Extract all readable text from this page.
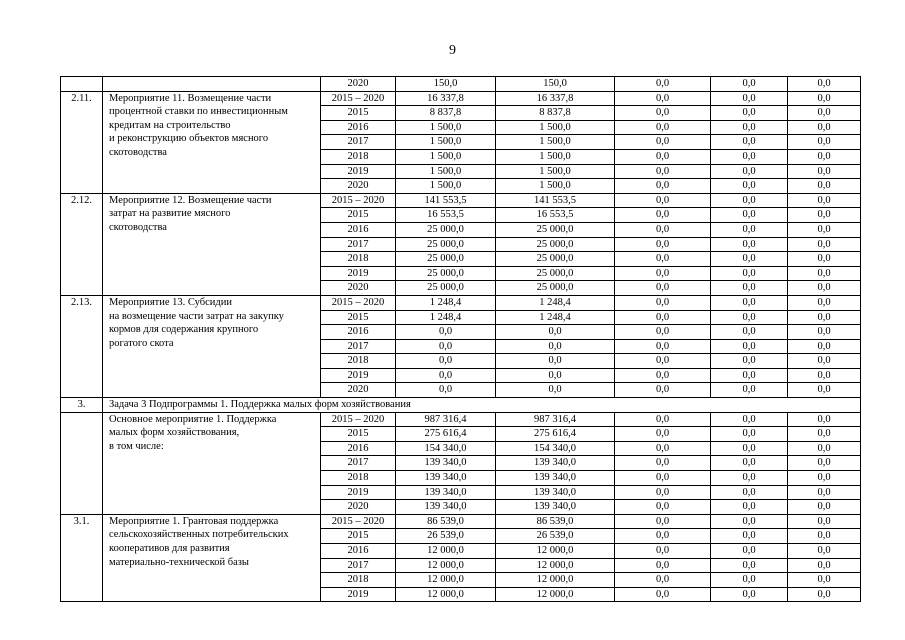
9
		2020	150,0	150,0	0,0	0,0	0,0
2.11.	Мероприятие 11. Возмещение части
процентной ставки по инвестиционным
кредитам на строительство
и реконструкцию объектов мясного
скотоводства	2015 – 2020	16 337,8	16 337,8	0,0	0,0	0,0
		2015	8 837,8	8 837,8	0,0	0,0	0,0
		2016	1 500,0	1 500,0	0,0	0,0	0,0
		2017	1 500,0	1 500,0	0,0	0,0	0,0
		2018	1 500,0	1 500,0	0,0	0,0	0,0
		2019	1 500,0	1 500,0	0,0	0,0	0,0
		2020	1 500,0	1 500,0	0,0	0,0	0,0
2.12.	Мероприятие 12. Возмещение части
затрат на развитие мясного
скотоводства	2015 – 2020	141 553,5	141 553,5	0,0	0,0	0,0
		2015	16 553,5	16 553,5	0,0	0,0	0,0
		2016	25 000,0	25 000,0	0,0	0,0	0,0
		2017	25 000,0	25 000,0	0,0	0,0	0,0
		2018	25 000,0	25 000,0	0,0	0,0	0,0
		2019	25 000,0	25 000,0	0,0	0,0	0,0
		2020	25 000,0	25 000,0	0,0	0,0	0,0
2.13.	Мероприятие 13. Субсидии
на возмещение части затрат на закупку
кормов для содержания крупного
рогатого скота	2015 – 2020	1 248,4	1 248,4	0,0	0,0	0,0
		2015	1 248,4	1 248,4	0,0	0,0	0,0
		2016	0,0	0,0	0,0	0,0	0,0
		2017	0,0	0,0	0,0	0,0	0,0
		2018	0,0	0,0	0,0	0,0	0,0
		2019	0,0	0,0	0,0	0,0	0,0
		2020	0,0	0,0	0,0	0,0	0,0
3.	Задача 3 Подпрограммы 1. Поддержка малых форм хозяйствования						

	Основное мероприятие 1. Поддержка
малых форм хозяйствования,
в том числе:	2015 – 2020	987 316,4	987 316,4	0,0	0,0	0,0
		2015	275 616,4	275 616,4	0,0	0,0	0,0
		2016	154 340,0	154 340,0	0,0	0,0	0,0
		2017	139 340,0	139 340,0	0,0	0,0	0,0
		2018	139 340,0	139 340,0	0,0	0,0	0,0
		2019	139 340,0	139 340,0	0,0	0,0	0,0
		2020	139 340,0	139 340,0	0,0	0,0	0,0
3.1.	Мероприятие 1. Грантовая поддержка
сельскохозяйственных потребительских
кооперативов для развития
материально-технической базы	2015 – 2020	86 539,0	86 539,0	0,0	0,0	0,0
		2015	26 539,0	26 539,0	0,0	0,0	0,0
		2016	12 000,0	12 000,0	0,0	0,0	0,0
		2017	12 000,0	12 000,0	0,0	0,0	0,0
		2018	12 000,0	12 000,0	0,0	0,0	0,0
		2019	12 000,0	12 000,0	0,0	0,0	0,0
